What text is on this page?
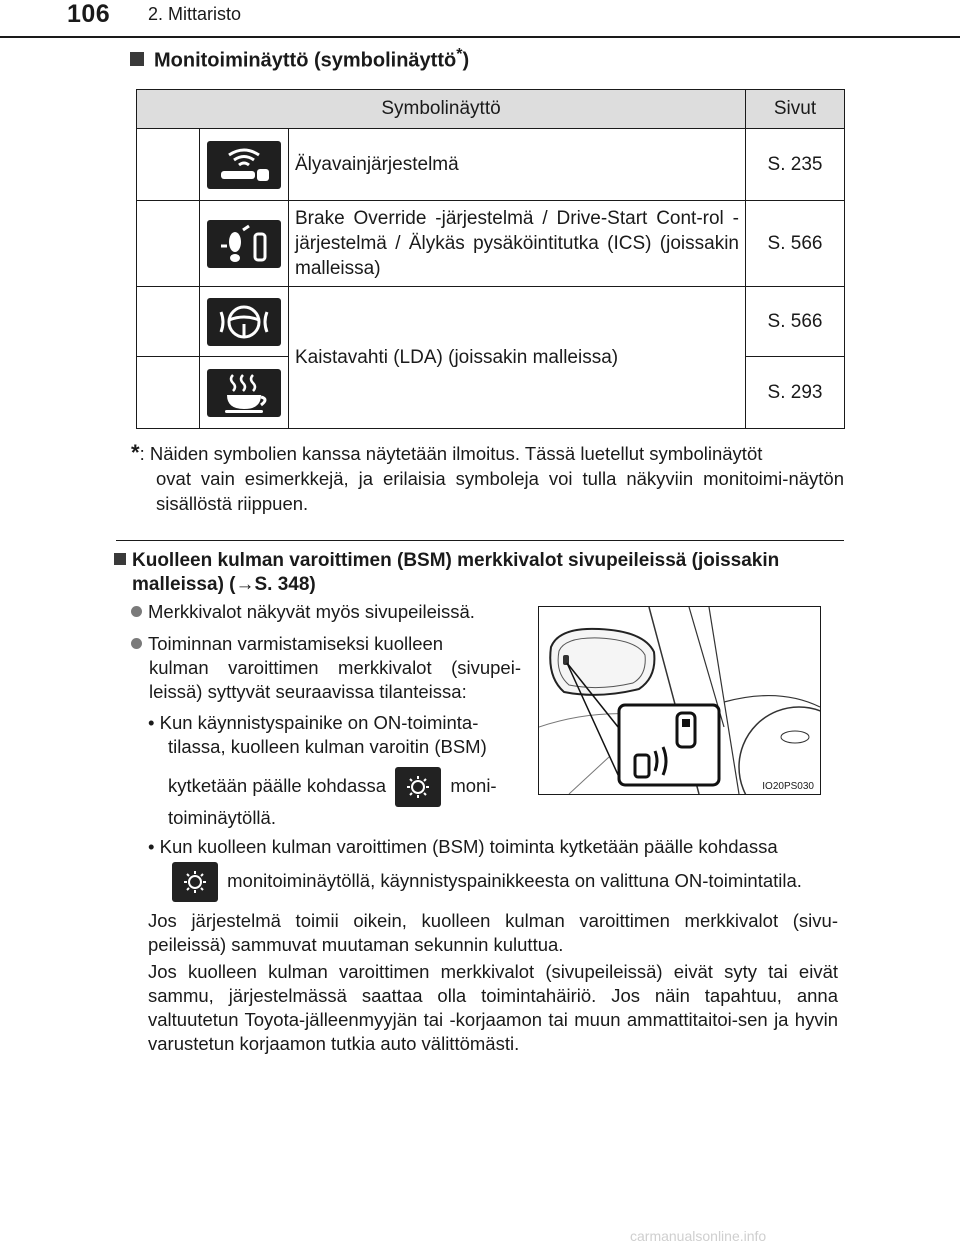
106 2. Mittaristo
Monitoiminäyttö (symbolinäyttö*)
Symbolinäyttö			Sivut

	Älyavainjärjestelmä	S. 235

	Brake Override -järjestelmä / Drive-Start Cont-rol -järjestelmä / Älykäs pysäköintitutka (ICS) (joissakin malleissa)	S. 566

	Kaistavahti (LDA) (joissakin malleissa)	S. 566

	S. 293
*: Näiden symbolien kanssa näytetään ilmoitus. Tässä luetellut symbolinäytöt
ovat vain esimerkkejä, ja erilaisia symboleja voi tulla näkyviin monitoimi-näytön sisällöstä riippuen.
Kuolleen kulman varoittimen (BSM) merkkivalot sivupeileissä (joissakin
malleissa) (→S. 348)
Merkkivalot näkyvät myös sivupeileissä.
Toiminnan varmistamiseksi kuolleen
kulman varoittimen merkkivalot (sivupei-leissä) syttyvät seuraavissa tilanteissa:
• Kun käynnistyspainike on ON-toiminta-
tilassa, kuolleen kulman varoitin (BSM)
kytketään päälle kohdassa	moni-
toiminäytöllä.
• Kun kuolleen kulman varoittimen (BSM) toiminta kytketään päälle kohdassa
monitoiminäytöllä, käynnistyspainikkeesta on valittuna ON-toimintatila.
Jos järjestelmä toimii oikein, kuolleen kulman varoittimen merkkivalot (sivu-peileissä) sammuvat muutaman sekunnin kuluttua.
Jos kuolleen kulman varoittimen merkkivalot (sivupeileissä) eivät syty tai eivät sammu, järjestelmässä saattaa olla toimintahäiriö. Jos näin tapahtuu, anna valtuutetun Toyota-jälleenmyyjän tai -korjaamon tai muun ammattitaitoi-sen ja hyvin varustetun korjaamon tutkia auto välittömästi.
IO20PS030
carmanualsonline.info
